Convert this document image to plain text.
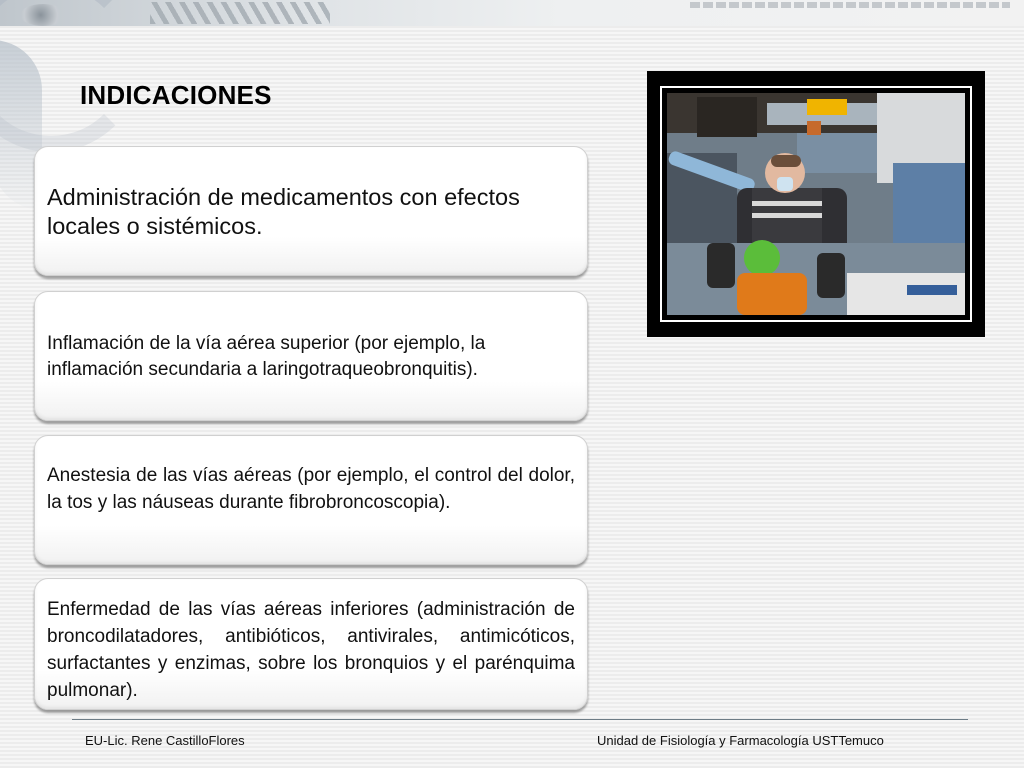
INDICACIONES

Administración de medicamentos con efectos locales o sistémicos.

Inflamación de la vía aérea superior (por ejemplo, la inflamación secundaria a laringotraqueobronquitis).

Anestesia de las vías aéreas (por ejemplo, el control del dolor, la tos y las náuseas durante fibrobroncoscopia).

Enfermedad de las vías aéreas inferiores (administración de broncodilatadores, antibióticos, antivirales, antimicóticos, surfactantes y enzimas, sobre los bronquios y el parénquima pulmonar).

EU-Lic. Rene CastilloFlores	Unidad de Fisiología y Farmacología USTTemuco
